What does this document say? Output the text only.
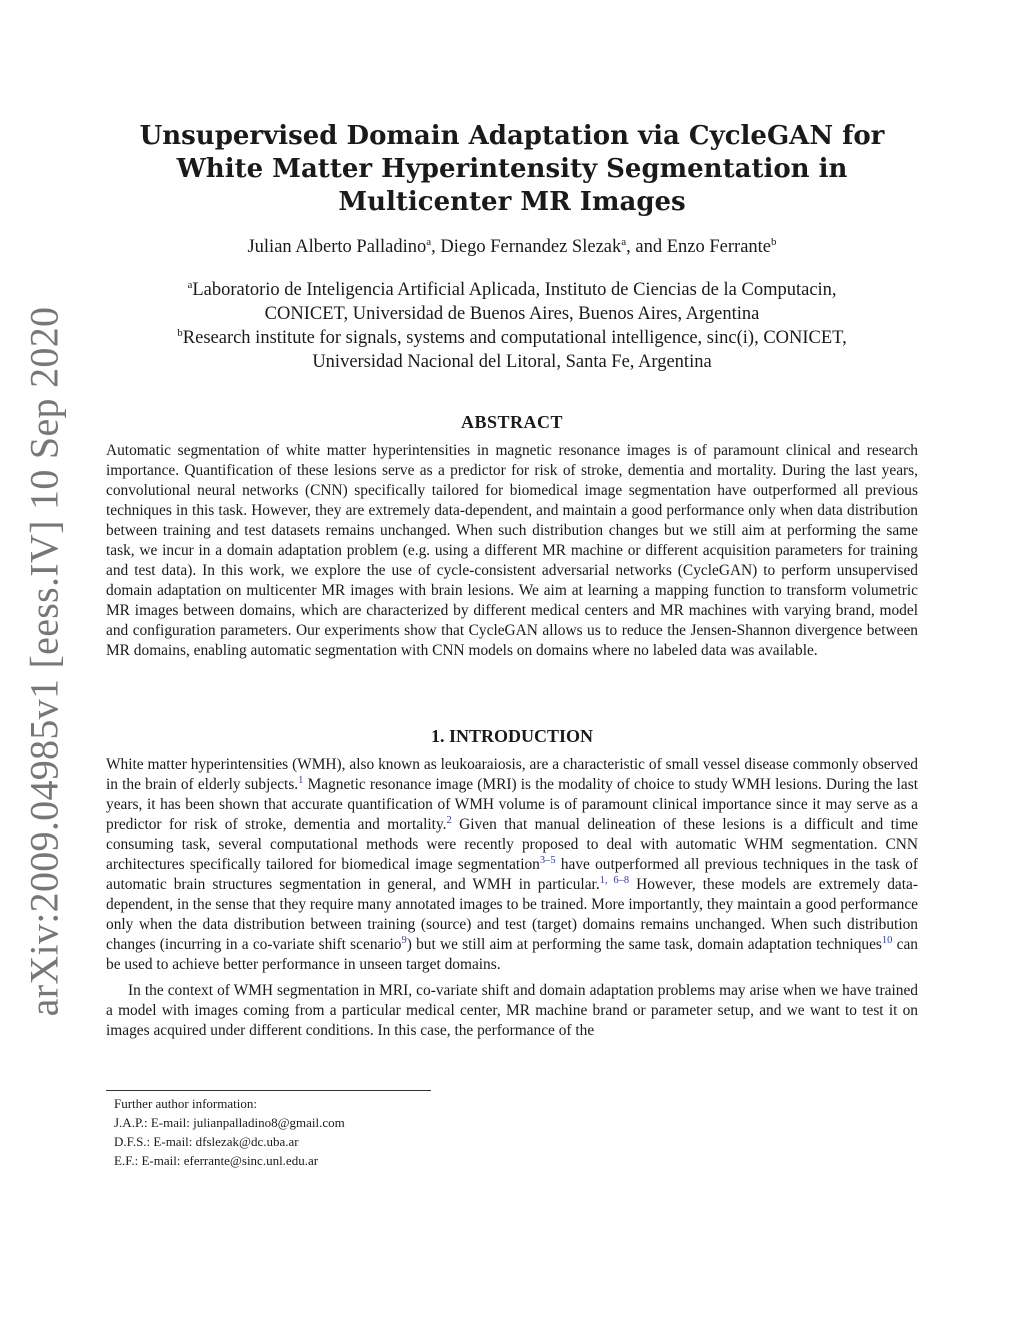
arXiv:2009.04985v1 [eess.IV] 10 Sep 2020
Unsupervised Domain Adaptation via CycleGAN for White Matter Hyperintensity Segmentation in Multicenter MR Images
Julian Alberto Palladino$^a$, Diego Fernandez Slezak$^a$, and Enzo Ferrante$^b$

$^a$Laboratorio de Inteligencia Artificial Aplicada, Instituto de Ciencias de la Computacin,

CONICET, Universidad de Buenos Aires, Buenos Aires, Argentina

$^b$Research institute for signals, systems and computational intelligence, sinc(i), CONICET,

Universidad Nacional del Litoral, Santa Fe, Argentina

ABSTRACT

Automatic segmentation of white matter hyperintensities in magnetic resonance images is of paramount clinical and research importance. Quantification of these lesions serve as a predictor for risk of stroke, dementia and mortality. During the last years, convolutional neural networks (CNN) specifically tailored for biomedical image segmentation have outperformed all previous techniques in this task. However, they are extremely data-dependent, and maintain a good performance only when data distribution between training and test datasets remains unchanged. When such distribution changes but we still aim at performing the same task, we incur in a domain adaptation problem (e.g. using a different MR machine or different acquisition parameters for training and test data). In this work, we explore the use of cycle-consistent adversarial networks (CycleGAN) to perform unsupervised domain adaptation on multicenter MR images with brain lesions. We aim at learning a mapping function to transform volumetric MR images between domains, which are characterized by different medical centers and MR machines with varying brand, model and configuration parameters. Our experiments show that CycleGAN allows us to reduce the Jensen-Shannon divergence between MR domains, enabling automatic segmentation with CNN models on domains where no labeled data was available.

1. INTRODUCTION

White matter hyperintensities (WMH), also known as leukoaraiosis, are a characteristic of small vessel disease commonly observed in the brain of elderly subjects.$^1$ Magnetic resonance image (MRI) is the modality of choice to study WMH lesions. During the last years, it has been shown that accurate quantification of WMH volume is of paramount clinical importance since it may serve as a predictor for risk of stroke, dementia and mortality.$^2$ Given that manual delineation of these lesions is a difficult and time consuming task, several computational methods were recently proposed to deal with automatic WHM segmentation. CNN architectures specifically tailored for biomedical image segmentation$^{3-5}$ have outperformed all previous techniques in the task of automatic brain structures segmentation in general, and WMH in particular.$^{1, 6-8}$ However, these models are extremely data-dependent, in the sense that they require many annotated images to be trained. More importantly, they maintain a good performance only when the data distribution between training (source) and test (target) domains remains unchanged. When such distribution changes (incurring in a co-variate shift scenario$^9$) but we still aim at performing the same task, domain adaptation techniques$^{10}$ can be used to achieve better performance in unseen target domains.

In the context of WMH segmentation in MRI, co-variate shift and domain adaptation problems may arise when we have trained a model with images coming from a particular medical center, MR machine brand or parameter setup, and we want to test it on images acquired under different conditions. In this case, the performance of the

Further author information:
J.A.P.: E-mail: julianpalladino8@gmail.com
D.F.S.: E-mail: dfslezak@dc.uba.ar
E.F.: E-mail: eferrante@sinc.unl.edu.ar
